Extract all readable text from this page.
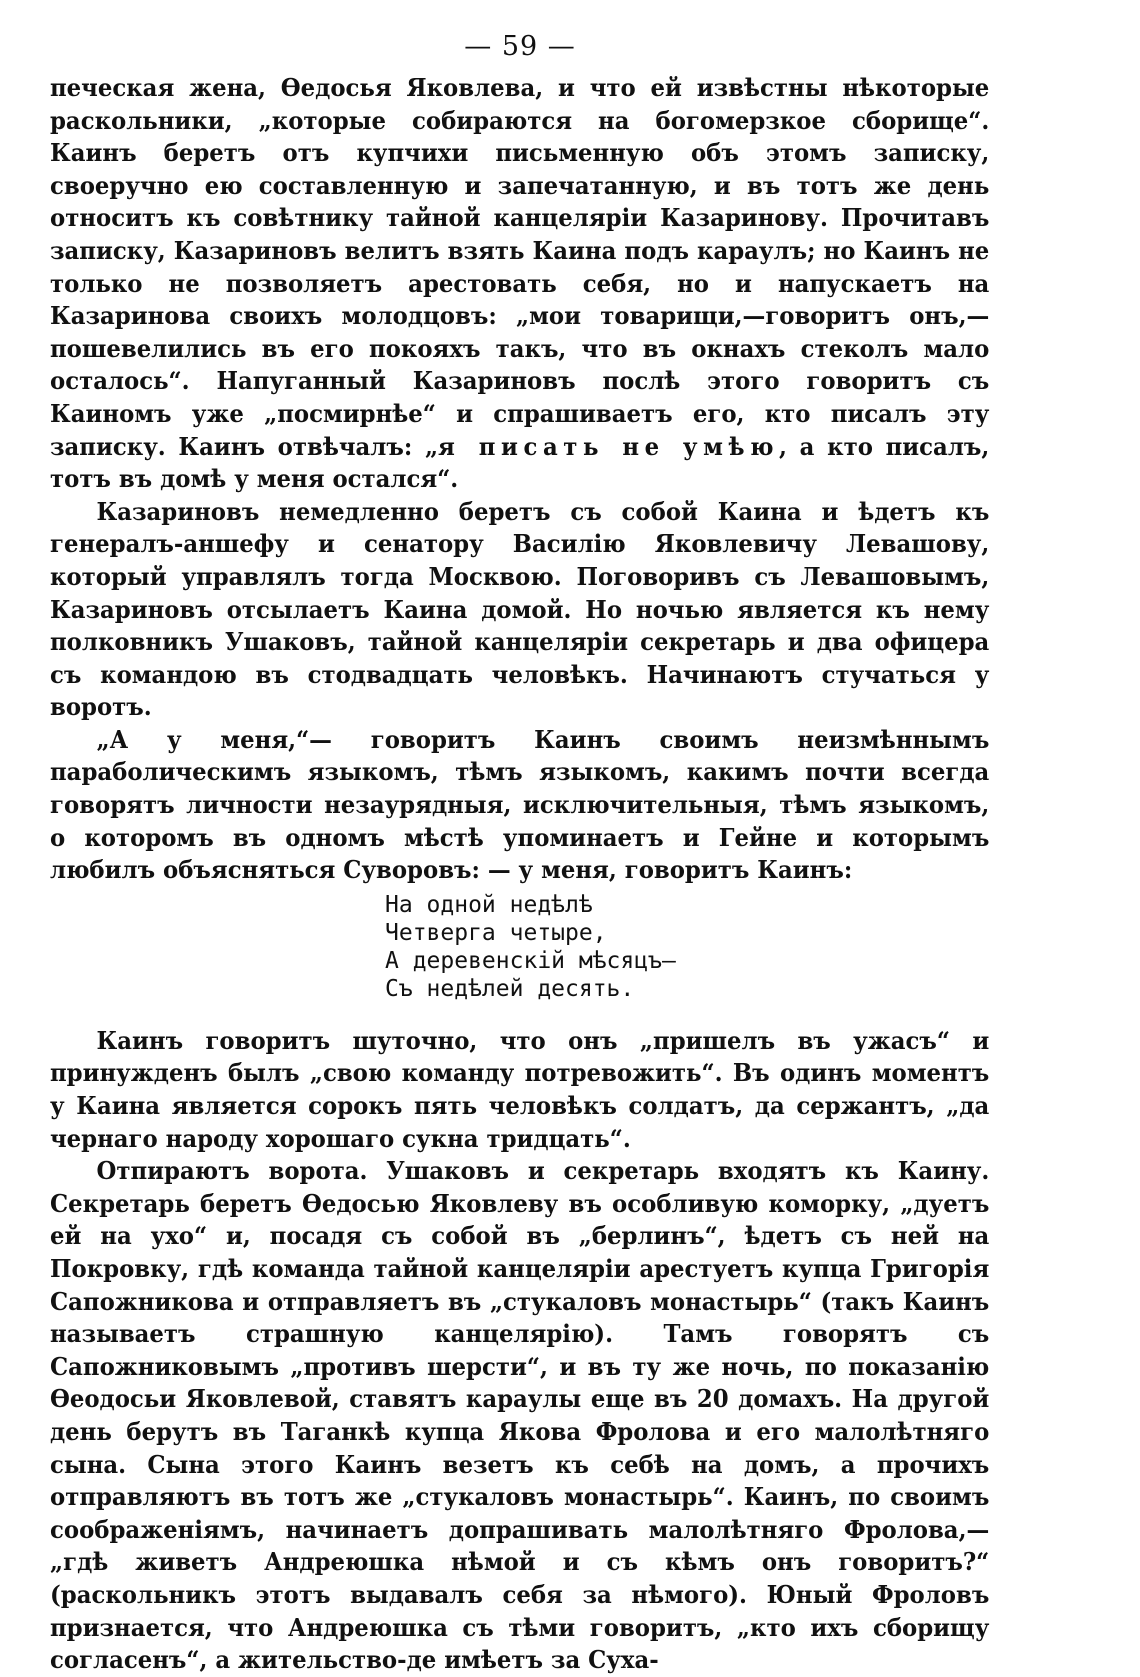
— 59 —

печеская жена, Ѳедосья Яковлева, и что ей извѣстны нѣкоторые раскольники, „которые собираются на богомерзкое сборище“. Каинъ беретъ отъ купчихи письменную объ этомъ записку, своеручно ею составленную и запечатанную, и въ тотъ же день относитъ къ совѣтнику тайной канцеляріи Казаринову. Прочитавъ записку, Казариновъ велитъ взять Каина подъ караулъ; но Каинъ не только не позволяетъ арестовать себя, но и напускаетъ на Казаринова своихъ молодцовъ: „мои товарищи,—говоритъ онъ,— пошевелились въ его покояхъ такъ, что въ окнахъ стеколъ мало осталось“. Напуганный Казариновъ послѣ этого говоритъ съ Каиномъ уже „посмирнѣе“ и спрашиваетъ его, кто писалъ эту записку. Каинъ отвѣчалъ: „я писать не умѣю, а кто писалъ, тотъ въ домѣ у меня остался“.

Казариновъ немедленно беретъ съ собой Каина и ѣдетъ къ генералъ-аншефу и сенатору Василію Яковлевичу Левашову, который управлялъ тогда Москвою. Поговоривъ съ Левашовымъ, Казариновъ отсылаетъ Каина домой. Но ночью является къ нему полковникъ Ушаковъ, тайной канцеляріи секретарь и два офицера съ командою въ стодвадцать человѣкъ. Начинаютъ стучаться у воротъ.

„А у меня,“— говоритъ Каинъ своимъ неизмѣннымъ параболическимъ языкомъ, тѣмъ языкомъ, какимъ почти всегда говорятъ личности незаурядныя, исключительныя, тѣмъ языкомъ, о которомъ въ одномъ мѣстѣ упоминаетъ и Гейне и которымъ любилъ объясняться Суворовъ: — у меня, говоритъ Каинъ:

На одной недѣлѣ
Четверга четыре,
А деревенскій мѣсяцъ—
Съ недѣлей десять.

Каинъ говоритъ шуточно, что онъ „пришелъ въ ужасъ“ и принужденъ былъ „свою команду потревожить“. Въ одинъ моментъ у Каина является сорокъ пять человѣкъ солдатъ, да сержантъ, „да чернаго народу хорошаго сукна тридцать“.

Отпираютъ ворота. Ушаковъ и секретарь входятъ къ Каину. Секретарь беретъ Ѳедосью Яковлеву въ особливую коморку, „дуетъ ей на ухо“ и, посадя съ собой въ „берлинъ“, ѣдетъ съ ней на Покровку, гдѣ команда тайной канцеляріи арестуетъ купца Григорія Сапожникова и отправляетъ въ „стукаловъ монастырь“ (такъ Каинъ называетъ страшную канцелярію). Тамъ говорятъ съ Сапожниковымъ „противъ шерсти“, и въ ту же ночь, по показанію Ѳеодосьи Яковлевой, ставятъ караулы еще въ 20 домахъ. На другой день берутъ въ Таганкѣ купца Якова Фролова и его малолѣтняго сына. Сына этого Каинъ везетъ къ себѣ на домъ, а прочихъ отправляютъ въ тотъ же „стукаловъ монастырь“. Каинъ, по своимъ соображеніямъ, начинаетъ допрашивать малолѣтняго Фролова,—„гдѣ живетъ Андреюшка нѣмой и съ кѣмъ онъ говоритъ?“ (раскольникъ этотъ выдавалъ себя за нѣмого). Юный Фроловъ признается, что Андреюшка съ тѣми говоритъ, „кто ихъ сборищу согласенъ“, а жительство-де имѣетъ за Суха-
